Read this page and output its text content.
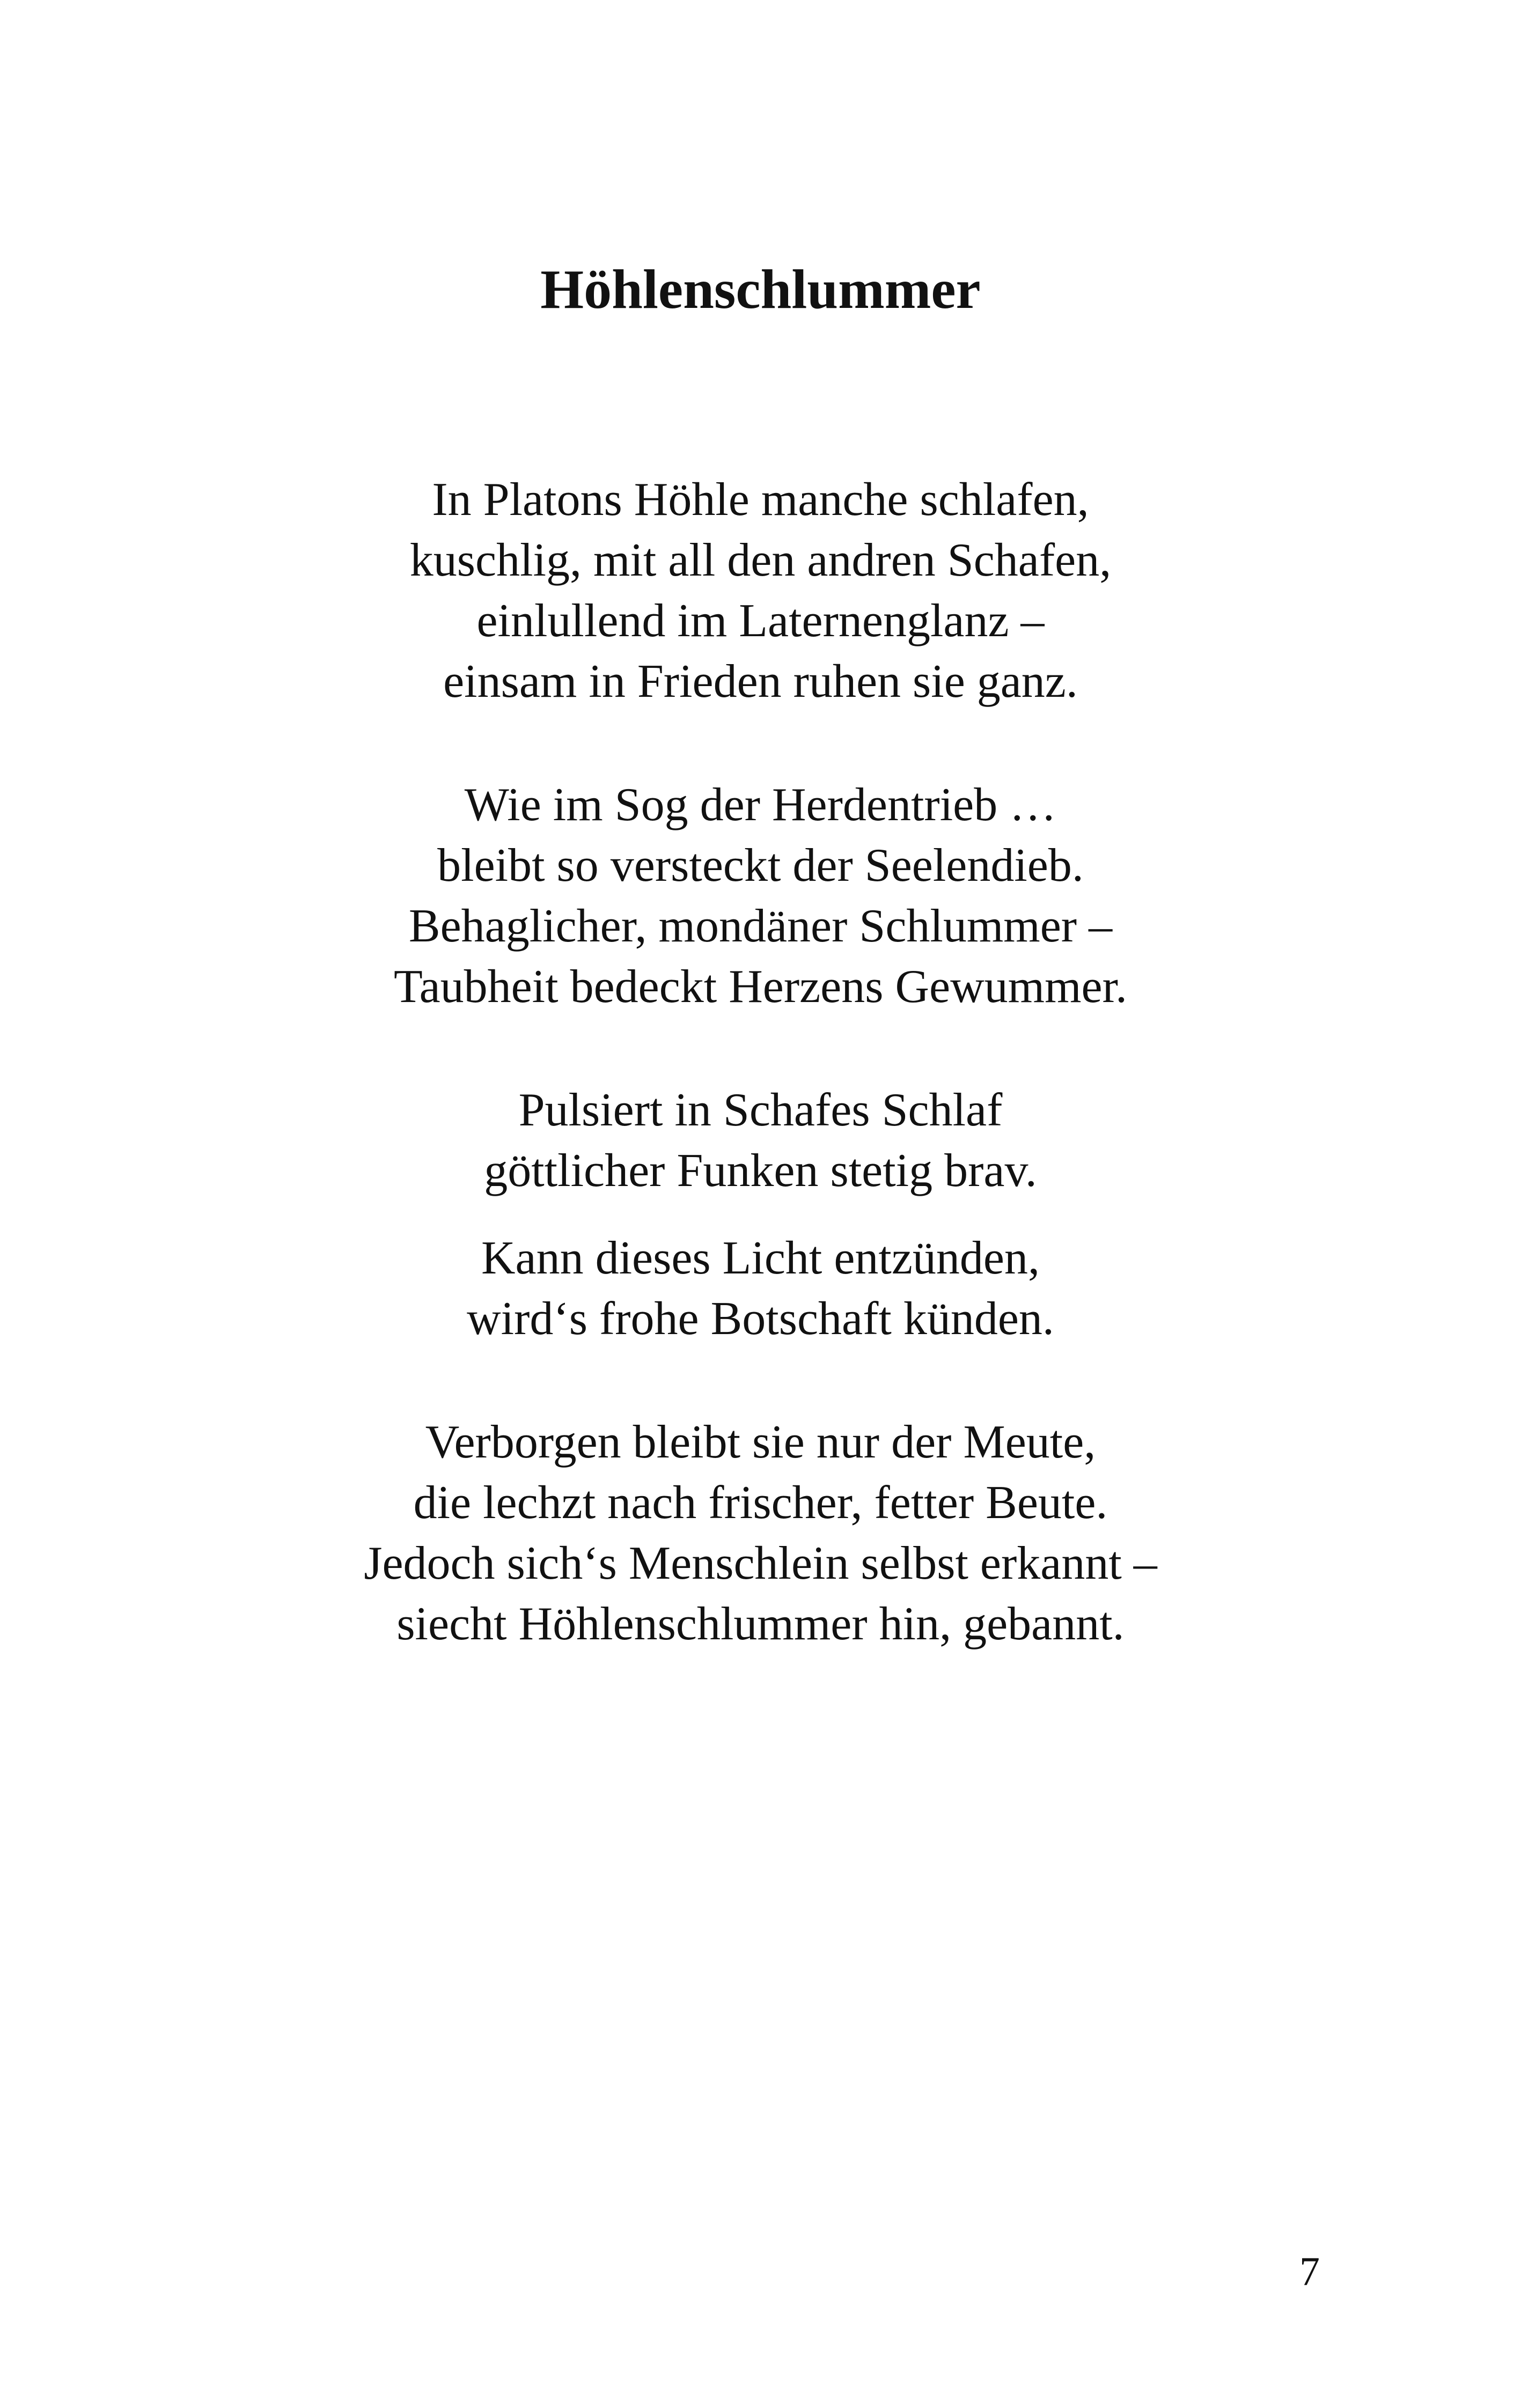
Höhlenschlummer
In Platons Höhle manche schlafen,
kuschlig, mit all den andren Schafen,
einlullend im Laternenglanz –
einsam in Frieden ruhen sie ganz.
Wie im Sog der Herdentrieb …
bleibt so versteckt der Seelendieb.
Behaglicher, mondäner Schlummer –
Taubheit bedeckt Herzens Gewummer.
Pulsiert in Schafes Schlaf
göttlicher Funken stetig brav.
Kann dieses Licht entzünden,
wird‘s frohe Botschaft künden.
Verborgen bleibt sie nur der Meute,
die lechzt nach frischer, fetter Beute.
Jedoch sich‘s Menschlein selbst erkannt –
siecht Höhlenschlummer hin, gebannt.
7
